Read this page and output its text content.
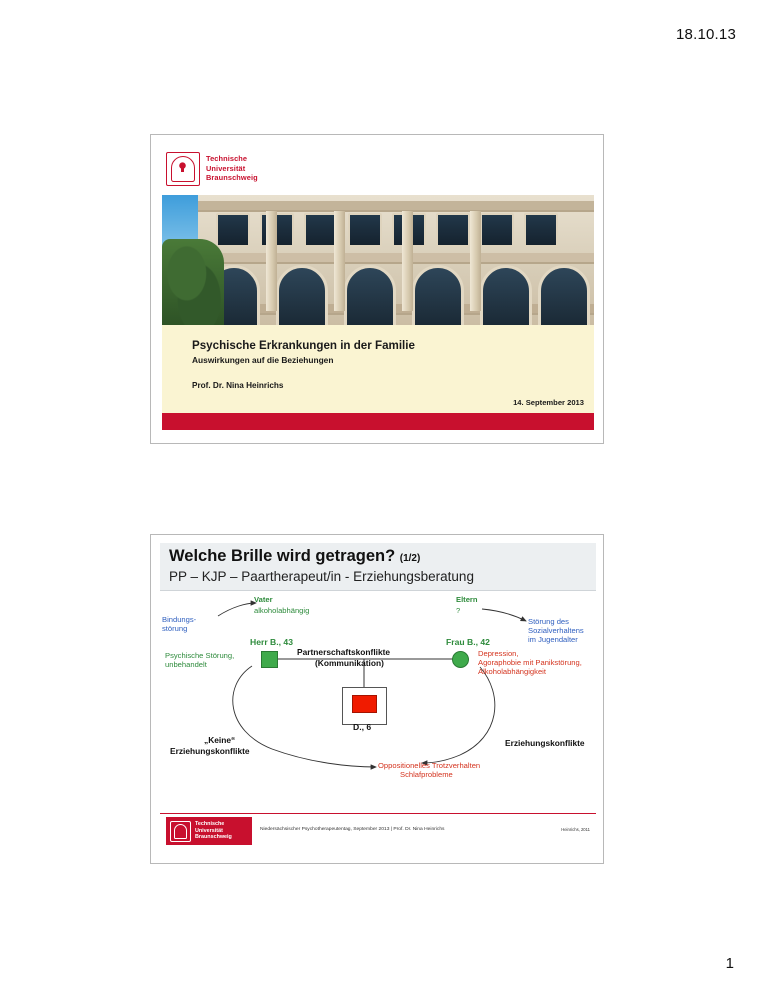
18.10.13
Technische
Universität
Braunschweig
Psychische Erkrankungen in der Familie
Auswirkungen auf die Beziehungen
Prof. Dr. Nina Heinrichs
14. September 2013
Welche Brille wird getragen? (1/2)
PP – KJP – Paartherapeut/in - Erziehungsberatung
Vater
alkoholabhängig
Eltern
?
Bindungs-
störung
Störung des
Sozialverhaltens
im Jugendalter
Herr B., 43	Frau B., 42
Psychische Störung,
unbehandelt
Depression,
Agoraphobie mit Panikstörung,
Alkoholabhängigkeit
Partnerschaftskonflikte
(Kommunikation)
D., 6
Oppositionelles Trotzverhalten
Schlafprobleme
„Keine“
Erziehungskonflikte
Erziehungskonflikte
Technische
Universität
Braunschweig
Niedersächsischer Psychotherapeutentag, September 2013 | Prof. Dr. Nina Heinrichs	Heinrichs, 2011
1
